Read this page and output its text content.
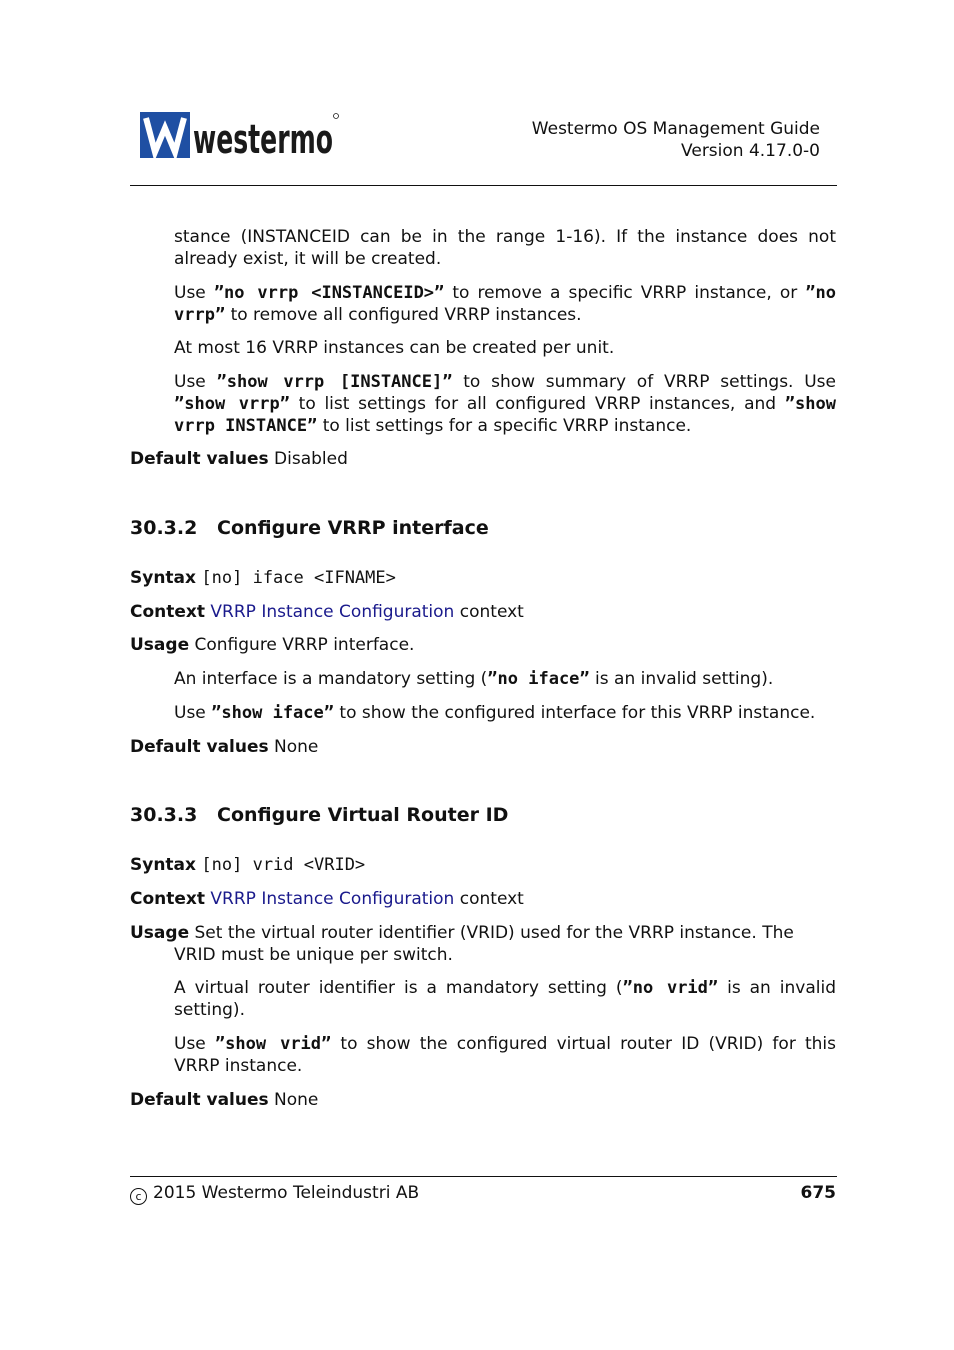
westermo	Westermo OS Management Guide
Version 4.17.0-0
stance (INSTANCEID can be in the range 1-16). If the instance does not already exist, it will be created.
Use ”no vrrp <INSTANCEID>” to remove a specific VRRP instance, or ”no vrrp” to remove all configured VRRP instances.
At most 16 VRRP instances can be created per unit.
Use ”show vrrp [INSTANCE]” to show summary of VRRP settings. Use ”show vrrp” to list settings for all configured VRRP instances, and ”show vrrp INSTANCE” to list settings for a specific VRRP instance.
Default values Disabled
30.3.2 Configure VRRP interface
Syntax [no] iface <IFNAME>
Context VRRP Instance Configuration context
Usage Configure VRRP interface.
An interface is a mandatory setting (”no iface” is an invalid setting).
Use ”show iface” to show the configured interface for this VRRP instance.
Default values None
30.3.3 Configure Virtual Router ID
Syntax [no] vrid <VRID>
Context VRRP Instance Configuration context
Usage Set the virtual router identifier (VRID) used for the VRRP instance. The
VRID must be unique per switch.
A virtual router identifier is a mandatory setting (”no vrid” is an invalid setting).
Use ”show vrid” to show the configured virtual router ID (VRID) for this VRRP instance.
Default values None
c 2015 Westermo Teleindustri AB	675
